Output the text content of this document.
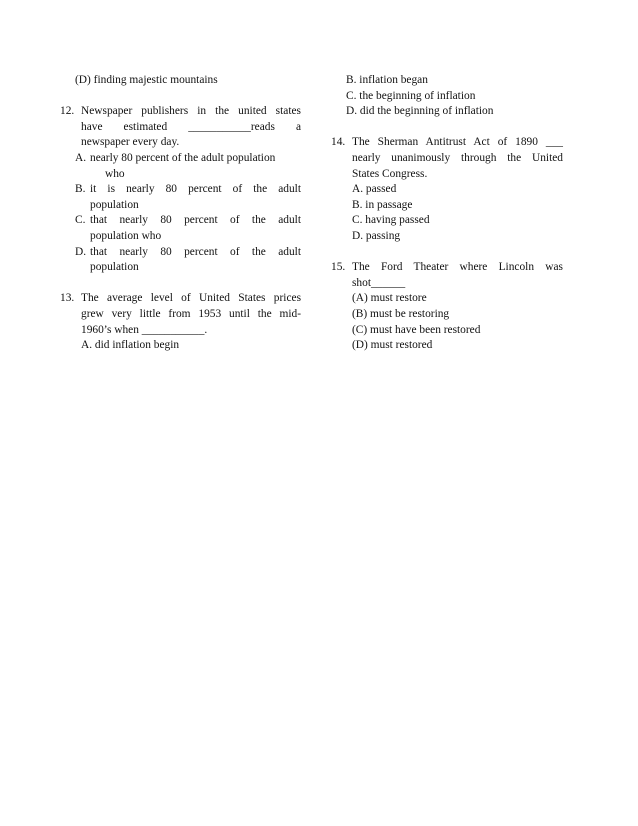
(D) finding majestic mountains
12. Newspaper publishers in the united states
have estimated ___________reads a
newspaper every day.
A. nearly 80 percent of the adult population
who
B. it is nearly 80 percent of the adult
population
C. that nearly 80 percent of the adult
population who
D. that nearly 80 percent of the adult
population
13. The average level of United States prices
grew very little from 1953 until the mid-
1960’s when ___________.
A. did inflation begin
B. inflation began
C. the beginning of inflation
D. did the beginning of inflation
14. The Sherman Antitrust Act of 1890 ___
nearly unanimously through the United
States Congress.
A. passed
B. in passage
C. having passed
D. passing
15. The Ford Theater where Lincoln was
shot______
(A) must restore
(B) must be restoring
(C) must have been restored
(D) must restored
